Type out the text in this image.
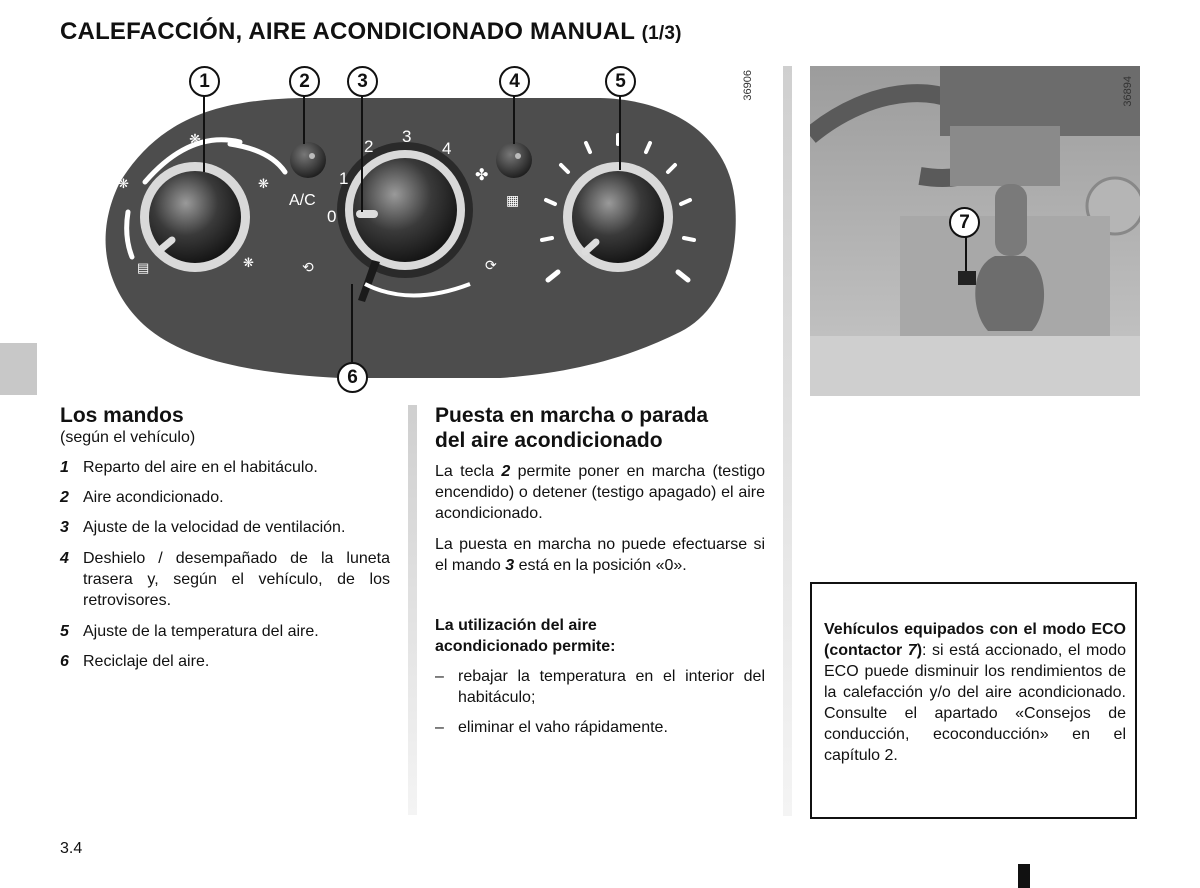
CALEFACCIÓN, AIRE ACONDICIONADO MANUAL (1/3)
❋
❋	❋
▤	❋
A/C
0
1
2
3
4
✤
⟲	⟳
▦
1	2	3	4	5
6
36906
7
36894
Los mandos
(según el vehículo)
1 Reparto del aire en el habitáculo.
2 Aire acondicionado.
3 Ajuste de la velocidad de ventilación.
4 Deshielo / desempañado de la luneta trasera y, según el vehículo, de los retrovisores.
5 Ajuste de la temperatura del aire.
6 Reciclaje del aire.
Puesta en marcha o parada
del aire acondicionado
La tecla 2 permite poner en marcha (testigo encendido) o detener (testigo apagado) el aire acondicionado.
La puesta en marcha no puede efectuarse si el mando 3 está en la posición «0».
La utilización del aire
acondicionado permite:
– rebajar la temperatura en el interior del habitáculo;
– eliminar el vaho rápidamente.
Vehículos equipados con el modo ECO (contactor 7): si está accionado, el modo ECO puede disminuir los rendimientos de la calefacción y/o del aire acondicionado. Consulte el apartado «Consejos de conducción, ecoconducción» en el capítulo 2.
3.4
